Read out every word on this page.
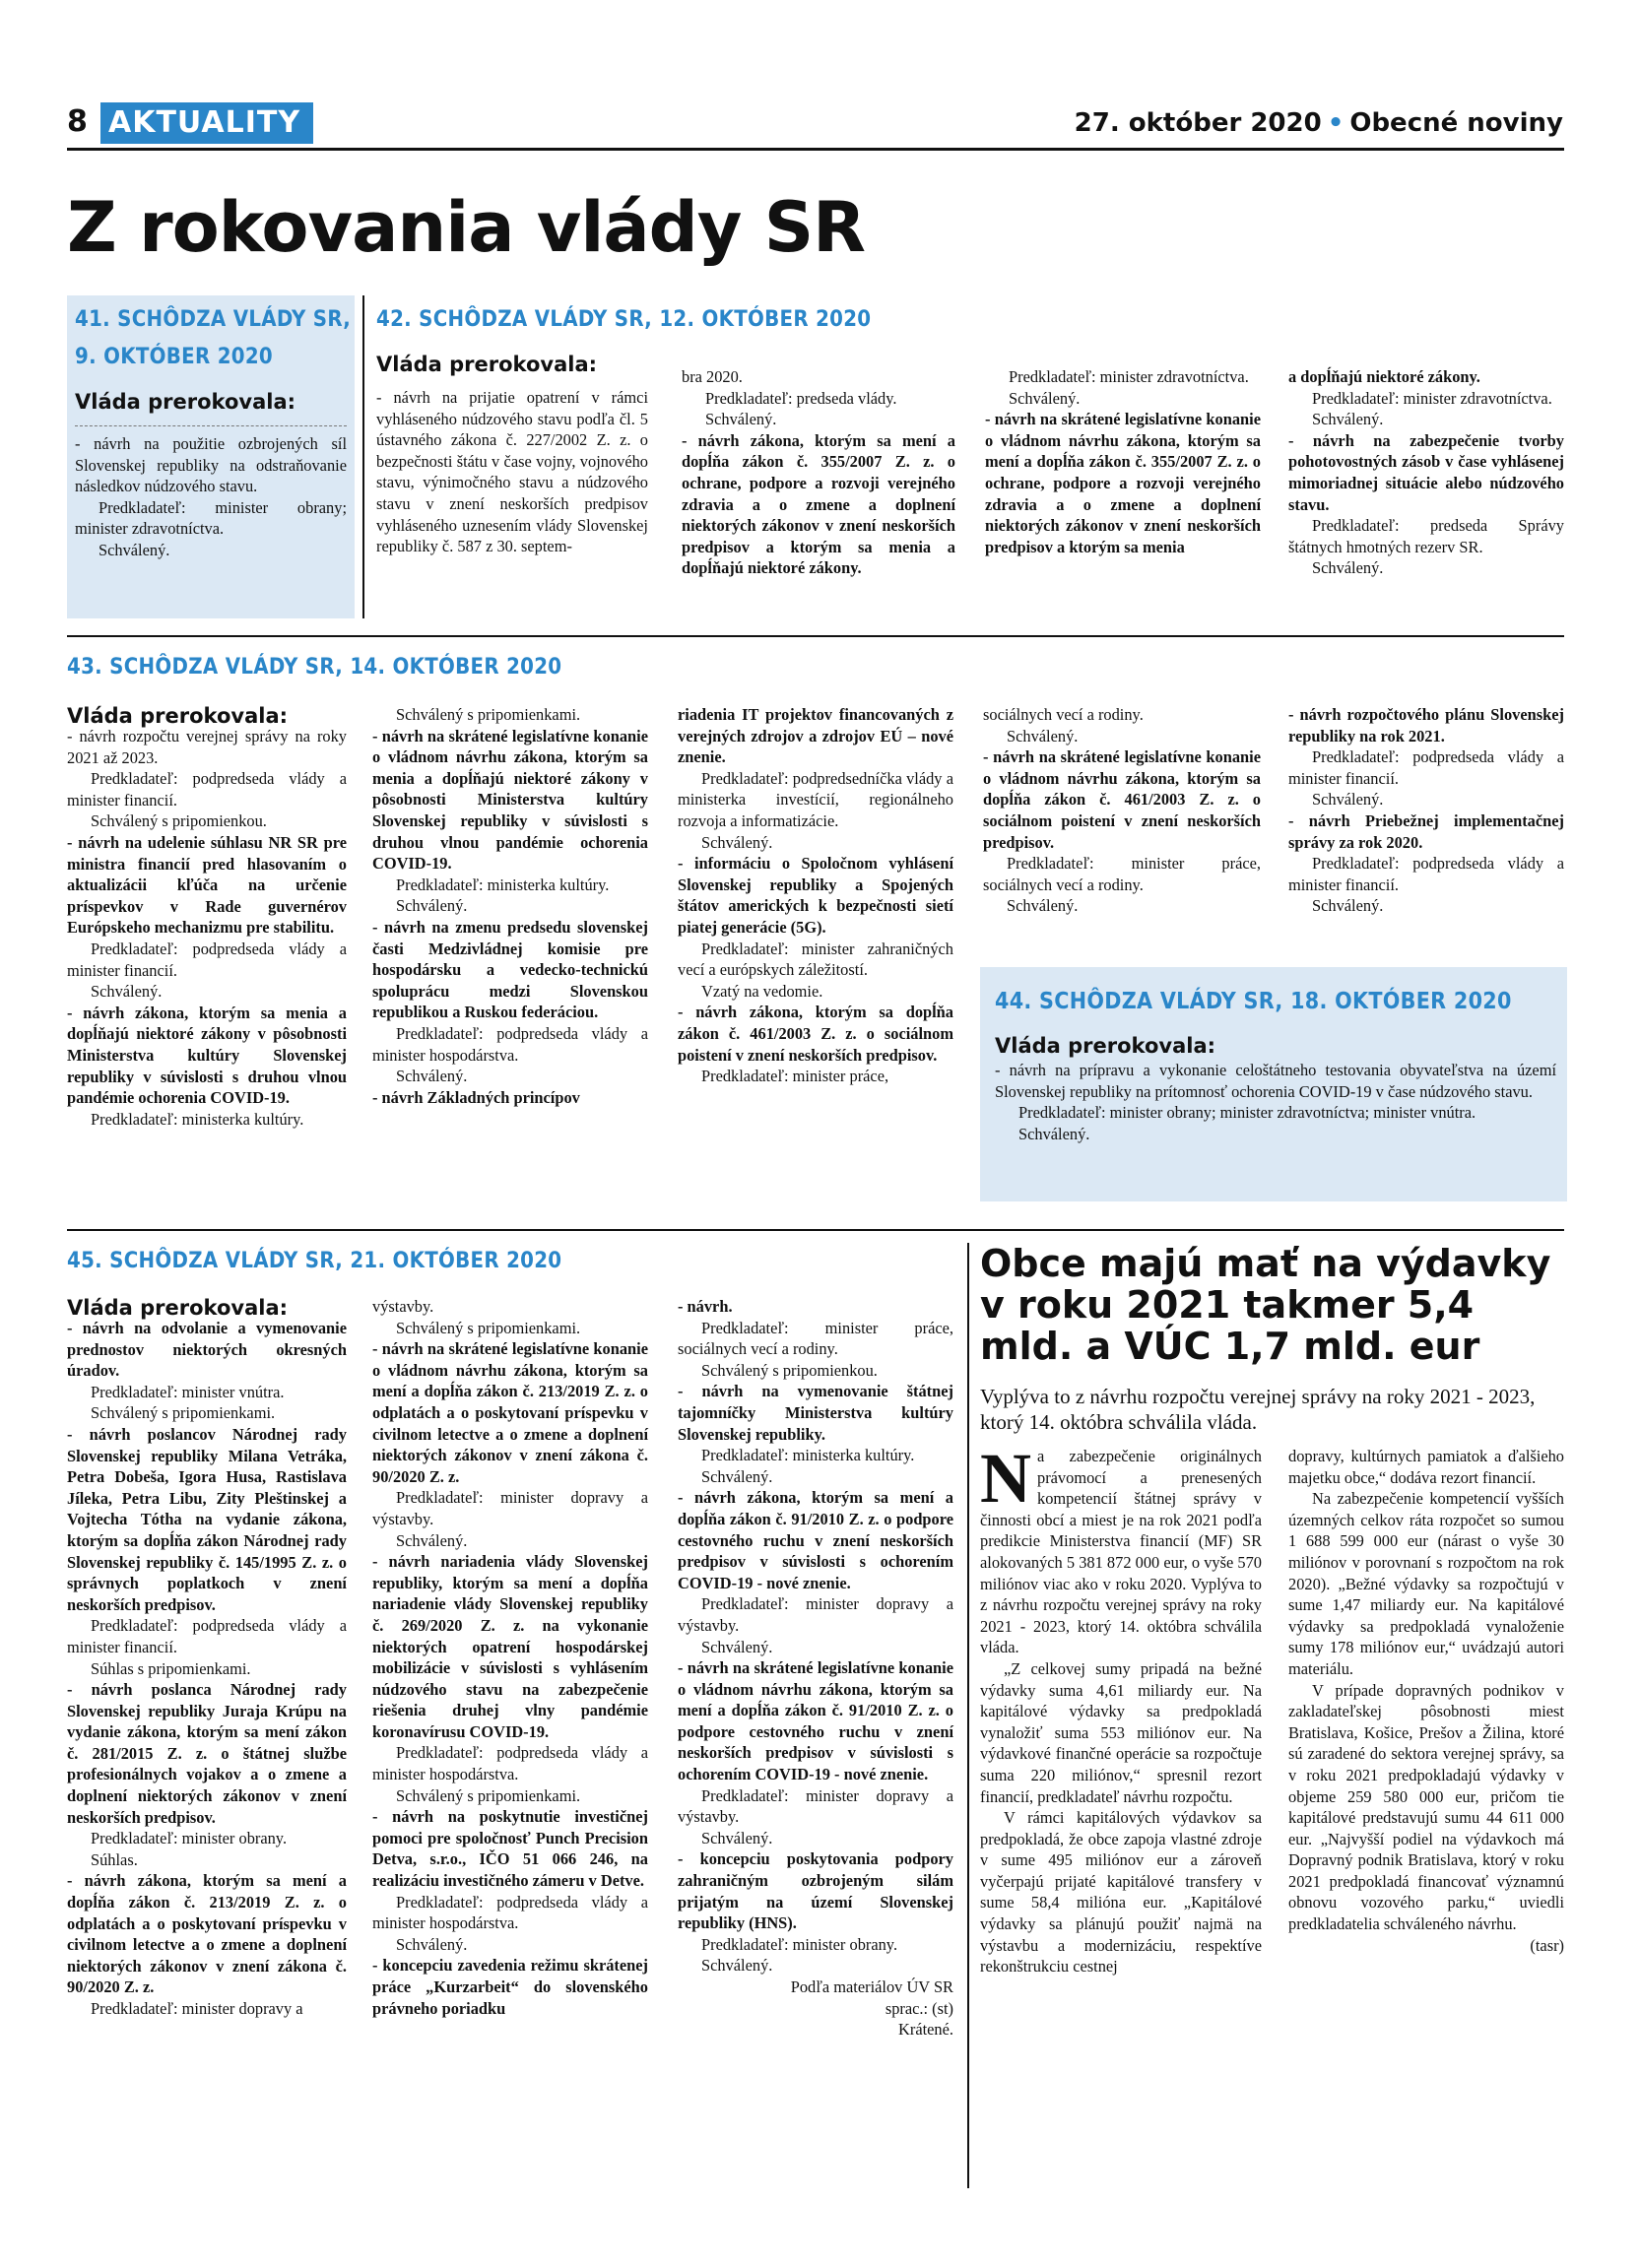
8 AKTUALITY	27. október 2020 • Obecné noviny
Z rokovania vlády SR
41. SCHÔDZA VLÁDY SR,
9. OKTÓBER 2020
Vláda prerokovala:

- návrh na použitie ozbrojených síl Slovenskej republiky na odstraňovanie následkov núdzového stavu.

Predkladateľ: minister obrany; minister zdravotníctva.

Schválený.

42. SCHÔDZA VLÁDY SR, 12. OKTÓBER 2020
Vláda prerokovala:

- návrh na prijatie opatrení v rámci vyhláseného núdzového stavu podľa čl. 5 ústavného zákona č. 227/2002 Z. z. o bezpečnosti štátu v čase vojny, vojnového stavu, výnimočného stavu a núdzového stavu v znení neskorších predpisov vyhláseného uznesením vlády Slovenskej republiky č. 587 z 30. septem-

bra 2020.

Predkladateľ: predseda vlády.

Schválený.

- návrh zákona, ktorým sa mení a dopĺňa zákon č. 355/2007 Z. z. o ochrane, podpore a rozvoji verejného zdravia a o zmene a doplnení niektorých zákonov v znení neskorších predpisov a ktorým sa menia a dopĺňajú niektoré zákony.

Predkladateľ: minister zdravotníctva.

Schválený.

- návrh na skrátené legislatívne konanie o vládnom návrhu zákona, ktorým sa mení a dopĺňa zákon č. 355/2007 Z. z. o ochrane, podpore a rozvoji verejného zdravia a o zmene a doplnení niektorých zákonov v znení neskorších predpisov a ktorým sa menia

a dopĺňajú niektoré zákony.

Predkladateľ: minister zdravotníctva.

Schválený.

- návrh na zabezpečenie tvorby pohotovostných zásob v čase vyhlásenej mimoriadnej situácie alebo núdzového stavu.

Predkladateľ: predseda Správy štátnych hmotných rezerv SR.

Schválený.

43. SCHÔDZA VLÁDY SR, 14. OKTÓBER 2020
Vláda prerokovala:

- návrh rozpočtu verejnej správy na roky 2021 až 2023.

Predkladateľ: podpredseda vlády a minister financií.

Schválený s pripomienkou.

- návrh na udelenie súhlasu NR SR pre ministra financií pred hlasovaním o aktualizácii kľúča na určenie príspevkov v Rade guvernérov Európskeho mechanizmu pre stabilitu.

Predkladateľ: podpredseda vlády a minister financií.

Schválený.

- návrh zákona, ktorým sa menia a dopĺňajú niektoré zákony v pôsobnosti Ministerstva kultúry Slovenskej republiky v súvislosti s druhou vlnou pandémie ochorenia COVID-19.

Predkladateľ: ministerka kultúry.

Schválený s pripomienkami.

- návrh na skrátené legislatívne konanie o vládnom návrhu zákona, ktorým sa menia a dopĺňajú niektoré zákony v pôsobnosti Ministerstva kultúry Slovenskej republiky v súvislosti s druhou vlnou pandémie ochorenia COVID-19.

Predkladateľ: ministerka kultúry.

Schválený.

- návrh na zmenu predsedu slovenskej časti Medzivládnej komisie pre hospodársku a vedecko-technickú spoluprácu medzi Slovenskou republikou a Ruskou federáciou.

Predkladateľ: podpredseda vlády a minister hospodárstva.

Schválený.

- návrh Základných princípov

riadenia IT projektov financovaných z verejných zdrojov a zdrojov EÚ – nové znenie.

Predkladateľ: podpredsedníčka vlády a ministerka investícií, regionálneho rozvoja a informatizácie.

Schválený.

- informáciu o Spoločnom vyhlásení Slovenskej republiky a Spojených štátov amerických k bezpečnosti sietí piatej generácie (5G).

Predkladateľ: minister zahraničných vecí a európskych záležitostí.

Vzatý na vedomie.

- návrh zákona, ktorým sa dopĺňa zákon č. 461/2003 Z. z. o sociálnom poistení v znení neskorších predpisov.

Predkladateľ: minister práce,

sociálnych vecí a rodiny.

Schválený.

- návrh na skrátené legislatívne konanie o vládnom návrhu zákona, ktorým sa dopĺňa zákon č. 461/2003 Z. z. o sociálnom poistení v znení neskorších predpisov.

Predkladateľ: minister práce, sociálnych vecí a rodiny.

Schválený.

- návrh rozpočtového plánu Slovenskej republiky na rok 2021.

Predkladateľ: podpredseda vlády a minister financií.

Schválený.

- návrh Priebežnej implementačnej správy za rok 2020.

Predkladateľ: podpredseda vlády a minister financií.

Schválený.

44. SCHÔDZA VLÁDY SR, 18. OKTÓBER 2020
Vláda prerokovala:

- návrh na prípravu a vykonanie celoštátneho testovania obyvateľstva na území Slovenskej republiky na prítomnosť ochorenia COVID-19 v čase núdzového stavu.

Predkladateľ: minister obrany; minister zdravotníctva; minister vnútra.

Schválený.

45. SCHÔDZA VLÁDY SR, 21. OKTÓBER 2020
Vláda prerokovala:

- návrh na odvolanie a vymenovanie prednostov niektorých okresných úradov.

Predkladateľ: minister vnútra.

Schválený s pripomienkami.

- návrh poslancov Národnej rady Slovenskej republiky Milana Vetráka, Petra Dobeša, Igora Husa, Rastislava Jíleka, Petra Libu, Zity Pleštinskej a Vojtecha Tótha na vydanie zákona, ktorým sa dopĺňa zákon Národnej rady Slovenskej republiky č. 145/1995 Z. z. o správnych poplatkoch v znení neskorších predpisov.

Predkladateľ: podpredseda vlády a minister financií.

Súhlas s pripomienkami.

- návrh poslanca Národnej rady Slovenskej republiky Juraja Krúpu na vydanie zákona, ktorým sa mení zákon č. 281/2015 Z. z. o štátnej službe profesionálnych vojakov a o zmene a doplnení niektorých zákonov v znení neskorších predpisov.

Predkladateľ: minister obrany.

Súhlas.

- návrh zákona, ktorým sa mení a dopĺňa zákon č. 213/2019 Z. z. o odplatách a o poskytovaní príspevku v civilnom letectve a o zmene a doplnení niektorých zákonov v znení zákona č. 90/2020 Z. z.

Predkladateľ: minister dopravy a

výstavby.

Schválený s pripomienkami.

- návrh na skrátené legislatívne konanie o vládnom návrhu zákona, ktorým sa mení a dopĺňa zákon č. 213/2019 Z. z. o odplatách a o poskytovaní príspevku v civilnom letectve a o zmene a doplnení niektorých zákonov v znení zákona č. 90/2020 Z. z.

Predkladateľ: minister dopravy a výstavby.

Schválený.

- návrh nariadenia vlády Slovenskej republiky, ktorým sa mení a dopĺňa nariadenie vlády Slovenskej republiky č. 269/2020 Z. z. na vykonanie niektorých opatrení hospodárskej mobilizácie v súvislosti s vyhlásením núdzového stavu na zabezpečenie riešenia druhej vlny pandémie koronavírusu COVID-19.

Predkladateľ: podpredseda vlády a minister hospodárstva.

Schválený s pripomienkami.

- návrh na poskytnutie investičnej pomoci pre spoločnosť Punch Precision Detva, s.r.o., IČO 51 066 246, na realizáciu investičného zámeru v Detve.

Predkladateľ: podpredseda vlády a minister hospodárstva.

Schválený.

- koncepciu zavedenia režimu skrátenej práce „Kurzarbeit“ do slovenského právneho poriadku

- návrh.

Predkladateľ: minister práce, sociálnych vecí a rodiny.

Schválený s pripomienkou.

- návrh na vymenovanie štátnej tajomníčky Ministerstva kultúry Slovenskej republiky.

Predkladateľ: ministerka kultúry.

Schválený.

- návrh zákona, ktorým sa mení a dopĺňa zákon č. 91/2010 Z. z. o podpore cestovného ruchu v znení neskorších predpisov v súvislosti s ochorením COVID-19 - nové znenie.

Predkladateľ: minister dopravy a výstavby.

Schválený.

- návrh na skrátené legislatívne konanie o vládnom návrhu zákona, ktorým sa mení a dopĺňa zákon č. 91/2010 Z. z. o podpore cestovného ruchu v znení neskorších predpisov v súvislosti s ochorením COVID-19 - nové znenie.

Predkladateľ: minister dopravy a výstavby.

Schválený.

- koncepciu poskytovania podpory zahraničným ozbrojeným silám prijatým na území Slovenskej republiky (HNS).

Predkladateľ: minister obrany.

Schválený.

Podľa materiálov ÚV SR

sprac.: (st)

Krátené.

Obce majú mať na výdavky v roku 2021 takmer 5,4 mld. a VÚC 1,7 mld. eur
Vyplýva to z návrhu rozpočtu verejnej správy na roky 2021 - 2023, ktorý 14. októbra schválila vláda.

Na zabezpečenie originálnych právomocí a prenesených kompetencií štátnej správy v činnosti obcí a miest je na rok 2021 podľa predikcie Ministerstva financií (MF) SR alokovaných 5 381 872 000 eur, o vyše 570 miliónov viac ako v roku 2020. Vyplýva to z návrhu rozpočtu verejnej správy na roky 2021 - 2023, ktorý 14. októbra schválila vláda.

„Z celkovej sumy pripadá na bežné výdavky suma 4,61 miliardy eur. Na kapitálové výdavky sa predpokladá vynaložiť suma 553 miliónov eur. Na výdavkové finančné operácie sa rozpočtuje suma 220 miliónov,“ spresnil rezort financií, predkladateľ návrhu rozpočtu.

V rámci kapitálových výdavkov sa predpokladá, že obce zapoja vlastné zdroje v sume 495 miliónov eur a zároveň vyčerpajú prijaté kapitálové transfery v sume 58,4 milióna eur. „Kapitálové výdavky sa plánujú použiť najmä na výstavbu a modernizáciu, respektíve rekonštrukciu cestnej

dopravy, kultúrnych pamiatok a ďalšieho majetku obce,“ dodáva rezort financií.

Na zabezpečenie kompetencií vyšších územných celkov ráta rozpočet so sumou 1 688 599 000 eur (nárast o vyše 30 miliónov v porovnaní s rozpočtom na rok 2020). „Bežné výdavky sa rozpočtujú v sume 1,47 miliardy eur. Na kapitálové výdavky sa predpokladá vynaloženie sumy 178 miliónov eur,“ uvádzajú autori materiálu.

V prípade dopravných podnikov v zakladateľskej pôsobnosti miest Bratislava, Košice, Prešov a Žilina, ktoré sú zaradené do sektora verejnej správy, sa v roku 2021 predpokladajú výdavky v objeme 259 580 000 eur, pričom tie kapitálové predstavujú sumu 44 611 000 eur. „Najvyšší podiel na výdavkoch má Dopravný podnik Bratislava, ktorý v roku 2021 predpokladá financovať významnú obnovu vozového parku,“ uviedli predkladatelia schváleného návrhu.

(tasr)
